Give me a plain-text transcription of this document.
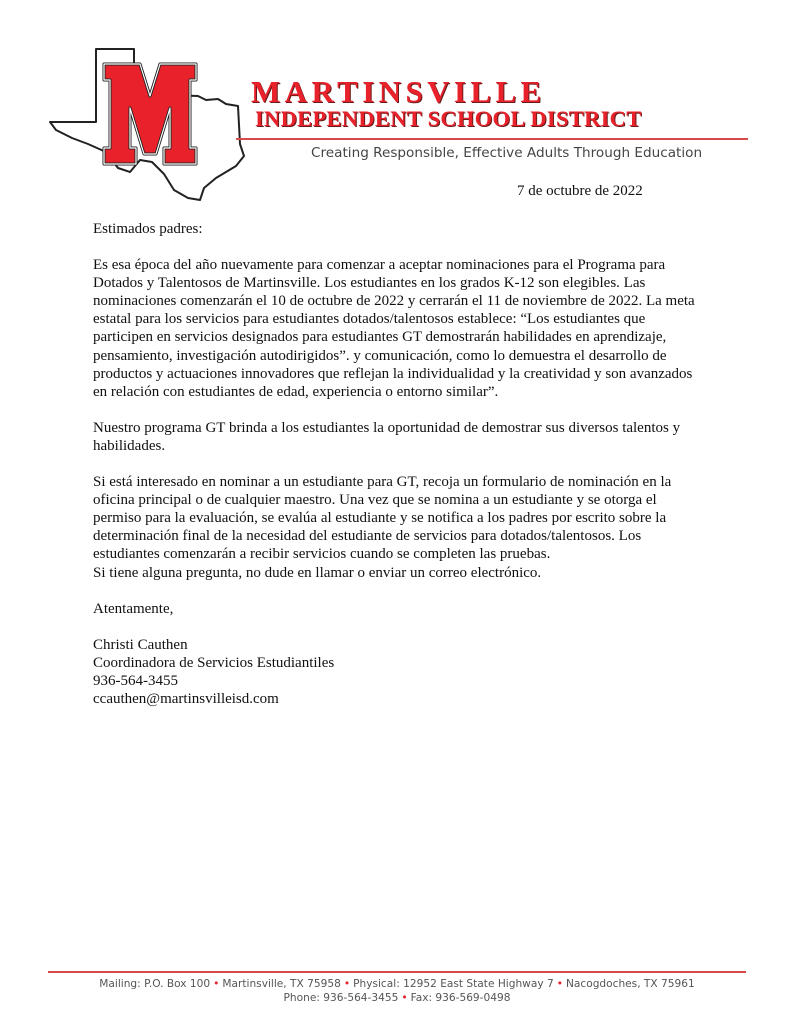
MARTINSVILLE
INDEPENDENT SCHOOL DISTRICT
Creating Responsible, Effective Adults Through Education
7 de octubre de 2022

Estimados padres:

Es esa época del año nuevamente para comenzar a aceptar nominaciones para el Programa para Dotados y Talentosos de Martinsville. Los estudiantes en los grados K-12 son elegibles. Las nominaciones comenzarán el 10 de octubre de 2022 y cerrarán el 11 de noviembre de 2022. La meta estatal para los servicios para estudiantes dotados/talentosos establece: “Los estudiantes que participen en servicios designados para estudiantes GT demostrarán habilidades en aprendizaje, pensamiento, investigación autodirigidos”. y comunicación, como lo demuestra el desarrollo de productos y actuaciones innovadores que reflejan la individualidad y la creatividad y son avanzados en relación con estudiantes de edad, experiencia o entorno similar”.

Nuestro programa GT brinda a los estudiantes la oportunidad de demostrar sus diversos talentos y habilidades.

Si está interesado en nominar a un estudiante para GT, recoja un formulario de nominación en la oficina principal o de cualquier maestro. Una vez que se nomina a un estudiante y se otorga el permiso para la evaluación, se evalúa al estudiante y se notifica a los padres por escrito sobre la determinación final de la necesidad del estudiante de servicios para dotados/talentosos. Los estudiantes comenzarán a recibir servicios cuando se completen las pruebas.

Si tiene alguna pregunta, no dude en llamar o enviar un correo electrónico.

Atentamente,

Christi Cauthen
Coordinadora de Servicios Estudiantiles
936-564-3455
ccauthen@martinsvilleisd.com
Mailing: P.O. Box 100 • Martinsville, TX 75958 • Physical: 12952 East State Highway 7 • Nacogdoches, TX 75961
Phone: 936-564-3455 • Fax: 936-569-0498
